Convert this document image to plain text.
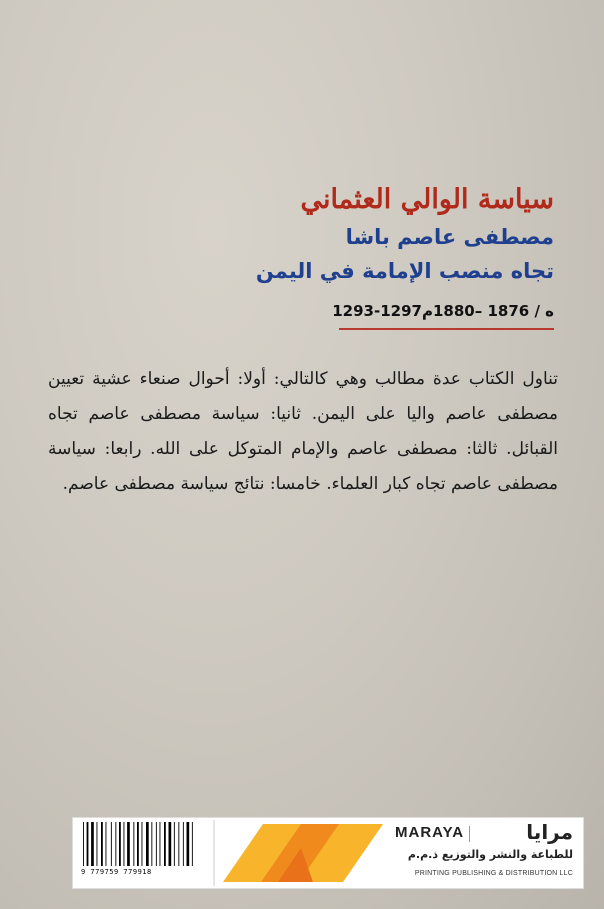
سياسة الوالي العثماني
مصطفى عاصم باشا
تجاه منصب الإمامة في اليمن
1293-1297ه / 1876 –1880م

تناول الكتاب عدة مطالب وهي كالتالي: أولا: أحوال صنعاء عشية تعيين مصطفى عاصم واليا على اليمن. ثانيا: سياسة مصطفى عاصم تجاه القبائل. ثالثا: مصطفى عاصم والإمام المتوكل على الله. رابعا: سياسة مصطفى عاصم تجاه كبار العلماء. خامسا: نتائج سياسة مصطفى عاصم.

9 779759 779918
MARAYA	مرايا
للطباعة والنشر والتوزيع ذ.م.م
PRINTING PUBLISHING & DISTRIBUTION LLC
